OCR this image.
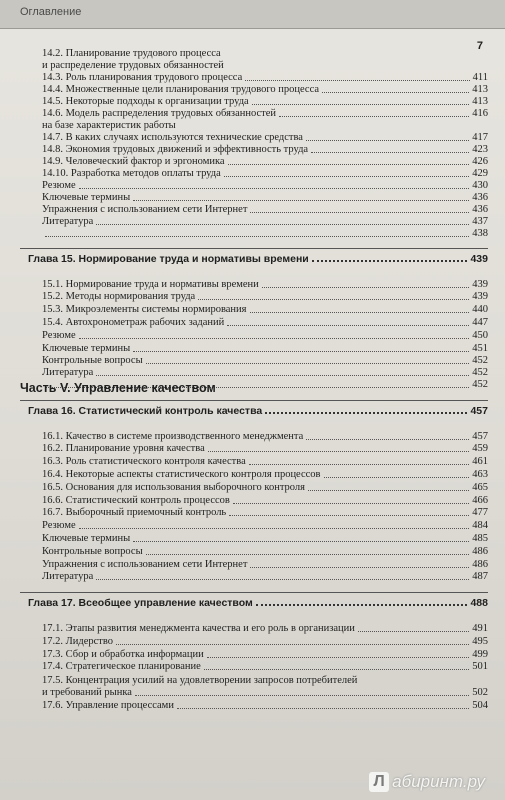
Оглавление
7
14.2. Планирование трудового процесса
и распределение трудовых обязанностей
14.3. Роль планирования трудового процесса	411
14.4. Множественные цели планирования трудового процесса	413
14.5. Некоторые подходы к организации труда	413
14.6. Модель распределения трудовых обязанностей	416
на базе характеристик работы
14.7. В каких случаях используются технические средства	417
14.8. Экономия трудовых движений и эффективность труда	423
14.9. Человеческий фактор и эргономика	426
14.10. Разработка методов оплаты труда	429
Резюме	430
Ключевые термины	436
Упражнения с использованием сети Интернет	436
Литература	437
438
Глава 15. Нормирование труда и нормативы времени	439
15.1. Нормирование труда и нормативы времени	439
15.2. Методы нормирования труда	439
15.3. Микроэлементы системы нормирования	440
15.4. Автохронометраж рабочих заданий	447
Резюме	450
Ключевые термины	451
Контрольные вопросы	452
Литература	452
452
Глава 16. Статистический контроль качества	457
16.1. Качество в системе производственного менеджмента	457
16.2. Планирование уровня качества	459
16.3. Роль статистического контроля качества	461
16.4. Некоторые аспекты статистического контроля процессов	463
16.5. Основания для использования выборочного контроля	465
16.6. Статистический контроль процессов	466
16.7. Выборочный приемочный контроль	477
Резюме	484
Ключевые термины	485
Контрольные вопросы	486
Упражнения с использованием сети Интернет	486
Литература	487
Глава 17. Всеобщее управление качеством	488
17.1. Этапы развития менеджмента качества и его роль в организации	491
17.2. Лидерство	495
17.3. Сбор и обработка информации	499
17.4. Стратегическое планирование	501
17.5. Концентрация усилий на удовлетворении запросов потребителей
и требований рынка	502
17.6. Управление процессами	504
Часть V. Управление качеством
Л абиринт.ру
